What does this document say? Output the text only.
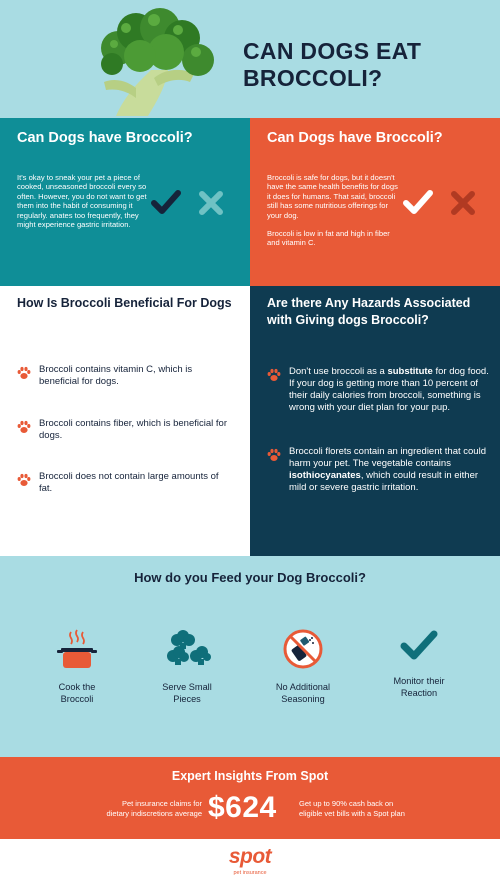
CAN DOGS EAT
BROCCOLI?
Can Dogs have Broccoli?

It's okay to sneak your pet a piece of cooked, unseasoned broccoli every so often. However, you do not want to get them into the habit of consuming it regularly. anates too frequently, they might experience gastric irritation.

Can Dogs have Broccoli?

Broccoli is safe for dogs, but it doesn't have the same health benefits for dogs it does for humans. That said, broccoli still has some nutritious offerings for your dog.

Broccoli is low in fat and high in fiber and vitamin C.

How Is Broccoli Beneficial For Dogs
Broccoli contains vitamin C, which is beneficial for dogs.
Broccoli contains fiber, which is beneficial for dogs.
Broccoli does not contain large amounts of fat.
Are there Any Hazards Associated with Giving dogs Broccoli?
Don't use broccoli as a substitute for dog food. If your dog is getting more than 10 percent of their daily calories from broccoli, something is wrong with your diet plan for your pup.
Broccoli florets contain an ingredient that could harm your pet. The vegetable contains isothiocyanates, which could result in either mild or severe gastric irritation.
How do you Feed your Dog Broccoli?
Cook the
Broccoli
Serve Small
Pieces
No Additional
Seasoning
Monitor their
Reaction
Expert Insights From Spot
Pet insurance claims for
dietary indiscretions average $624	Get up to 90% cash back on
eligible vet bills with a Spot plan
spot
pet insurance
